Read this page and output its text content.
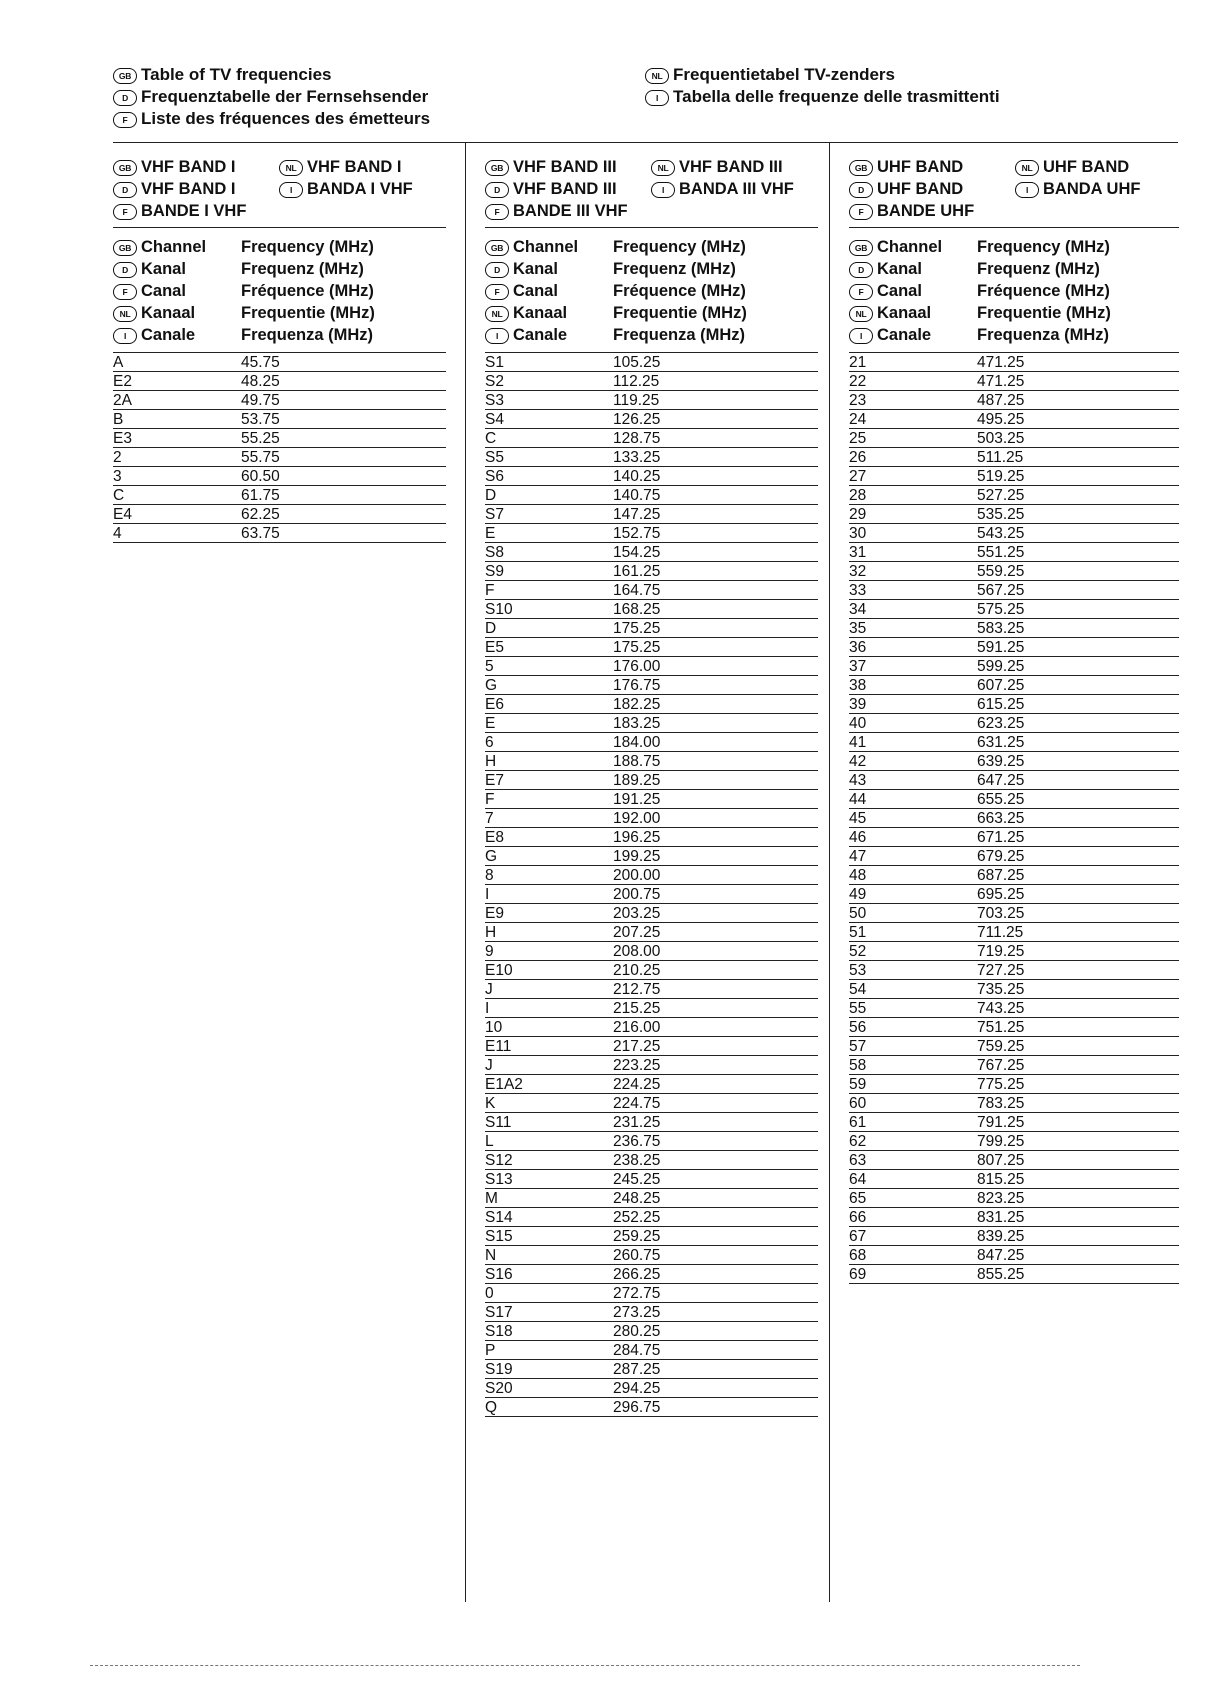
GB Table of TV frequencies
D Frequenztabelle der Fernsehsender
F Liste des fréquences des émetteurs
NL Frequentietabel TV-zenders
I Tabella delle frequenze delle trasmittenti
GB VHF BAND I	NL VHF BAND I
D VHF BAND I	I BANDA I VHF
F BANDE I VHF
GB Channel	Frequency (MHz)
D Kanal	Frequenz (MHz)
F Canal	Fréquence (MHz)
NL Kanaal	Frequentie (MHz)
I Canale	Frequenza (MHz)
A	45.75
E2	48.25
2A	49.75
B	53.75
E3	55.25
2	55.75
3	60.50
C	61.75
E4	62.25
4	63.75
GB VHF BAND III	NL VHF BAND III
D VHF BAND III	I BANDA III VHF
F BANDE III VHF
GB Channel	Frequency (MHz)
D Kanal	Frequenz (MHz)
F Canal	Fréquence (MHz)
NL Kanaal	Frequentie (MHz)
I Canale	Frequenza (MHz)
S1	105.25
S2	112.25
S3	119.25
S4	126.25
C	128.75
S5	133.25
S6	140.25
D	140.75
S7	147.25
E	152.75
S8	154.25
S9	161.25
F	164.75
S10	168.25
D	175.25
E5	175.25
5	176.00
G	176.75
E6	182.25
E	183.25
6	184.00
H	188.75
E7	189.25
F	191.25
7	192.00
E8	196.25
G	199.25
8	200.00
I	200.75
E9	203.25
H	207.25
9	208.00
E10	210.25
J	212.75
I	215.25
10	216.00
E11	217.25
J	223.25
E1A2	224.25
K	224.75
S11	231.25
L	236.75
S12	238.25
S13	245.25
M	248.25
S14	252.25
S15	259.25
N	260.75
S16	266.25
0	272.75
S17	273.25
S18	280.25
P	284.75
S19	287.25
S20	294.25
Q	296.75
GB UHF BAND	NL UHF BAND
D UHF BAND	I BANDA UHF
F BANDE UHF
GB Channel	Frequency (MHz)
D Kanal	Frequenz (MHz)
F Canal	Fréquence (MHz)
NL Kanaal	Frequentie (MHz)
I Canale	Frequenza (MHz)
21	471.25
22	471.25
23	487.25
24	495.25
25	503.25
26	511.25
27	519.25
28	527.25
29	535.25
30	543.25
31	551.25
32	559.25
33	567.25
34	575.25
35	583.25
36	591.25
37	599.25
38	607.25
39	615.25
40	623.25
41	631.25
42	639.25
43	647.25
44	655.25
45	663.25
46	671.25
47	679.25
48	687.25
49	695.25
50	703.25
51	711.25
52	719.25
53	727.25
54	735.25
55	743.25
56	751.25
57	759.25
58	767.25
59	775.25
60	783.25
61	791.25
62	799.25
63	807.25
64	815.25
65	823.25
66	831.25
67	839.25
68	847.25
69	855.25
